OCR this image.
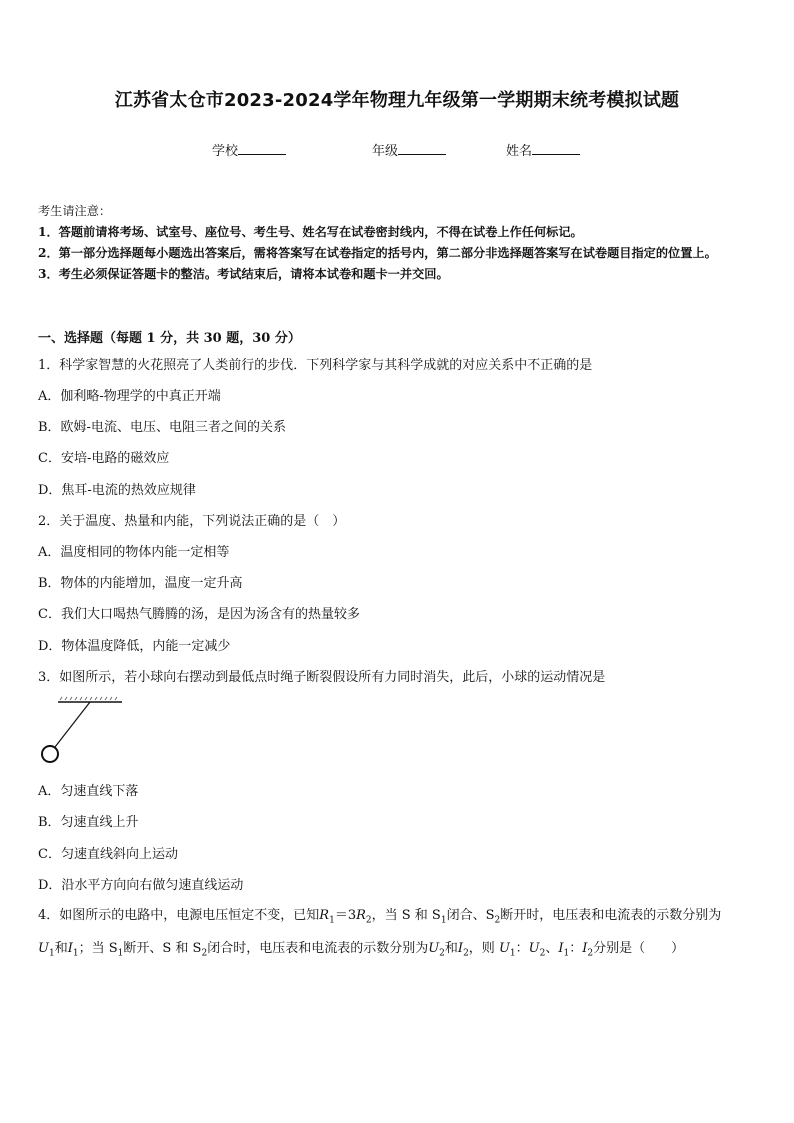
江苏省太仓市2023-2024学年物理九年级第一学期期末统考模拟试题
学校	年级	姓名
考生请注意：
1．答题前请将考场、试室号、座位号、考生号、姓名写在试卷密封线内，不得在试卷上作任何标记。
2．第一部分选择题每小题选出答案后，需将答案写在试卷指定的括号内，第二部分非选择题答案写在试卷题目指定的位置上。
3．考生必须保证答题卡的整洁。考试结束后，请将本试卷和题卡一并交回。
一、选择题（每题 1 分，共 30 题，30 分）
1．科学家智慧的火花照亮了人类前行的步伐．下列科学家与其科学成就的对应关系中不正确的是
A．伽利略-物理学的中真正开端
B．欧姆-电流、电压、电阻三者之间的关系
C．安培-电路的磁效应
D．焦耳-电流的热效应规律
2．关于温度、热量和内能，下列说法正确的是（　）
A．温度相同的物体内能一定相等
B．物体的内能增加，温度一定升高
C．我们大口喝热气腾腾的汤，是因为汤含有的热量较多
D．物体温度降低，内能一定减少
3．如图所示，若小球向右摆动到最低点时绳子断裂假设所有力同时消失，此后，小球的运动情况是
A．匀速直线下落
B．匀速直线上升
C．匀速直线斜向上运动
D．沿水平方向向右做匀速直线运动
4．如图所示的电路中，电源电压恒定不变，已知$R_1=3R_2$，当 S 和 $S_1$闭合、$S_2$断开时，电压表和电流表的示数分别为
$U_1$和$I_1$；当 $S_1$断开、S 和 $S_2$闭合时，电压表和电流表的示数分别为$U_2$和$I_2$，则 $U_1$：$U_2$、$I_1$：$I_2$分别是（　　）
